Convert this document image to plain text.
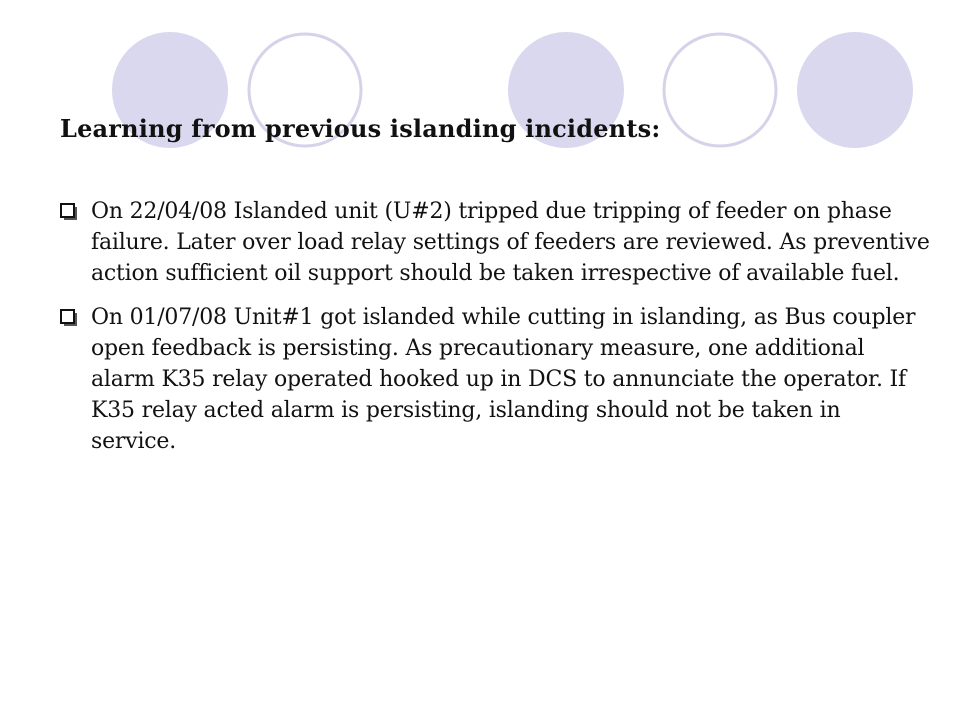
Learning from previous islanding incidents:
On 22/04/08 Islanded unit (U#2) tripped due tripping of feeder on phase failure. Later over load relay settings of feeders are reviewed. As preventive action sufficient oil support should be taken irrespective of available fuel.
On 01/07/08 Unit#1 got islanded while cutting in islanding, as Bus coupler open feedback is persisting. As precautionary measure, one additional alarm K35 relay operated hooked up in DCS to annunciate the operator. If K35 relay acted alarm is persisting, islanding should not be taken in service.
